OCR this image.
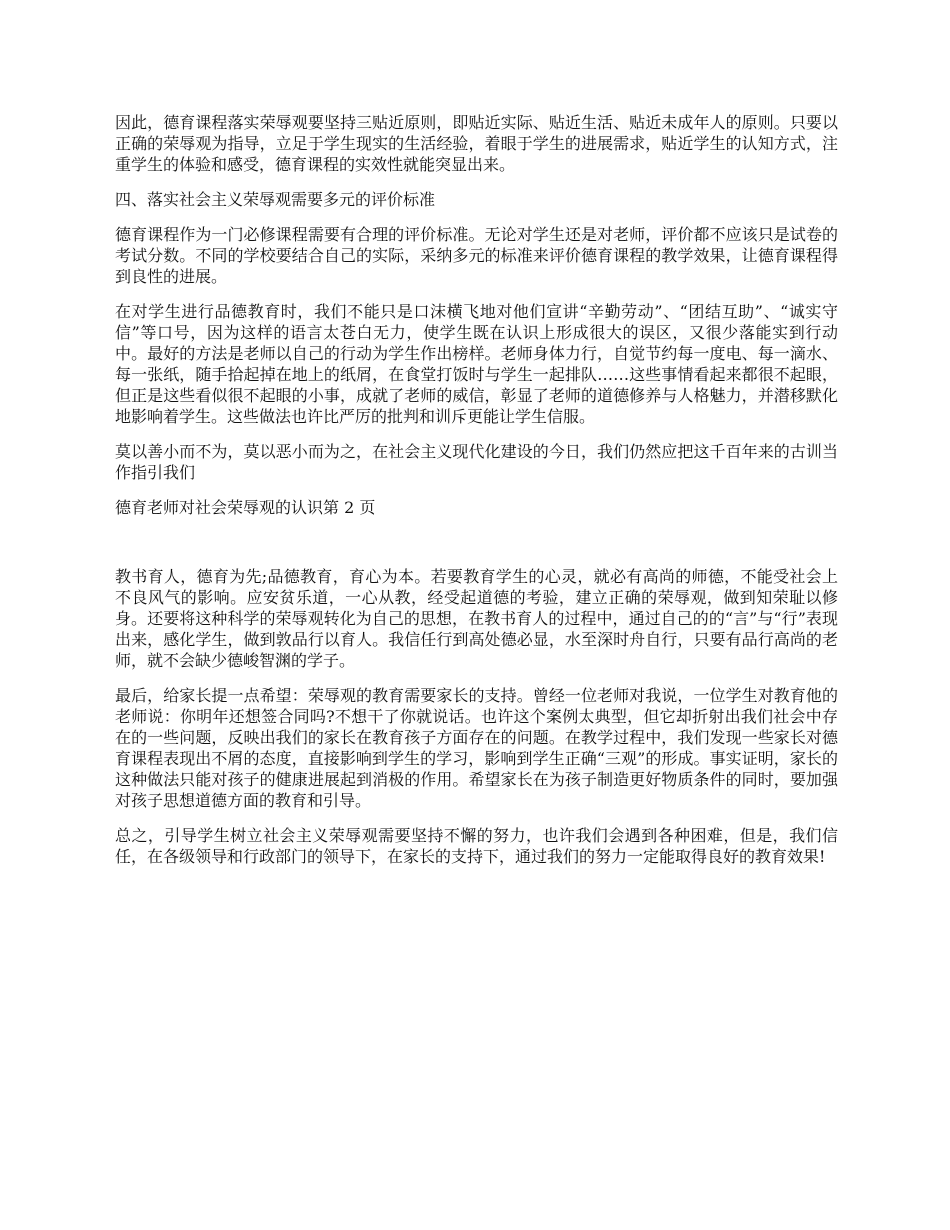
因此，德育课程落实荣辱观要坚持三贴近原则，即贴近实际、贴近生活、贴近未成年人的原则。只要以正确的荣辱观为指导，立足于学生现实的生活经验，着眼于学生的进展需求，贴近学生的认知方式，注重学生的体验和感受，德育课程的实效性就能突显出来。

四、落实社会主义荣辱观需要多元的评价标准

德育课程作为一门必修课程需要有合理的评价标准。无论对学生还是对老师，评价都不应该只是试卷的考试分数。不同的学校要结合自己的实际，采纳多元的标准来评价德育课程的教学效果，让德育课程得到良性的进展。

在对学生进行品德教育时，我们不能只是口沫横飞地对他们宣讲“辛勤劳动”、“团结互助”、“诚实守信”等口号，因为这样的语言太苍白无力，使学生既在认识上形成很大的误区，又很少落能实到行动中。最好的方法是老师以自己的行动为学生作出榜样。老师身体力行，自觉节约每一度电、每一滴水、每一张纸，随手拾起掉在地上的纸屑，在食堂打饭时与学生一起排队……这些事情看起来都很不起眼，但正是这些看似很不起眼的小事，成就了老师的威信，彰显了老师的道德修养与人格魅力，并潜移默化地影响着学生。这些做法也许比严厉的批判和训斥更能让学生信服。

莫以善小而不为，莫以恶小而为之，在社会主义现代化建设的今日，我们仍然应把这千百年来的古训当作指引我们

德育老师对社会荣辱观的认识第 2 页

教书育人，德育为先;品德教育，育心为本。若要教育学生的心灵，就必有高尚的师德，不能受社会上不良风气的影响。应安贫乐道，一心从教，经受起道德的考验，建立正确的荣辱观，做到知荣耻以修身。还要将这种科学的荣辱观转化为自己的思想，在教书育人的过程中，通过自己的的“言”与“行”表现出来，感化学生，做到敦品行以育人。我信任行到高处德必显，水至深时舟自行，只要有品行高尚的老师，就不会缺少德峻智渊的学子。

最后，给家长提一点希望：荣辱观的教育需要家长的支持。曾经一位老师对我说，一位学生对教育他的老师说：你明年还想签合同吗?不想干了你就说话。也许这个案例太典型，但它却折射出我们社会中存在的一些问题，反映出我们的家长在教育孩子方面存在的问题。在教学过程中，我们发现一些家长对德育课程表现出不屑的态度，直接影响到学生的学习，影响到学生正确“三观”的形成。事实证明，家长的这种做法只能对孩子的健康进展起到消极的作用。希望家长在为孩子制造更好物质条件的同时，要加强对孩子思想道德方面的教育和引导。

总之，引导学生树立社会主义荣辱观需要坚持不懈的努力，也许我们会遇到各种困难，但是，我们信任，在各级领导和行政部门的领导下，在家长的支持下，通过我们的努力一定能取得良好的教育效果!
